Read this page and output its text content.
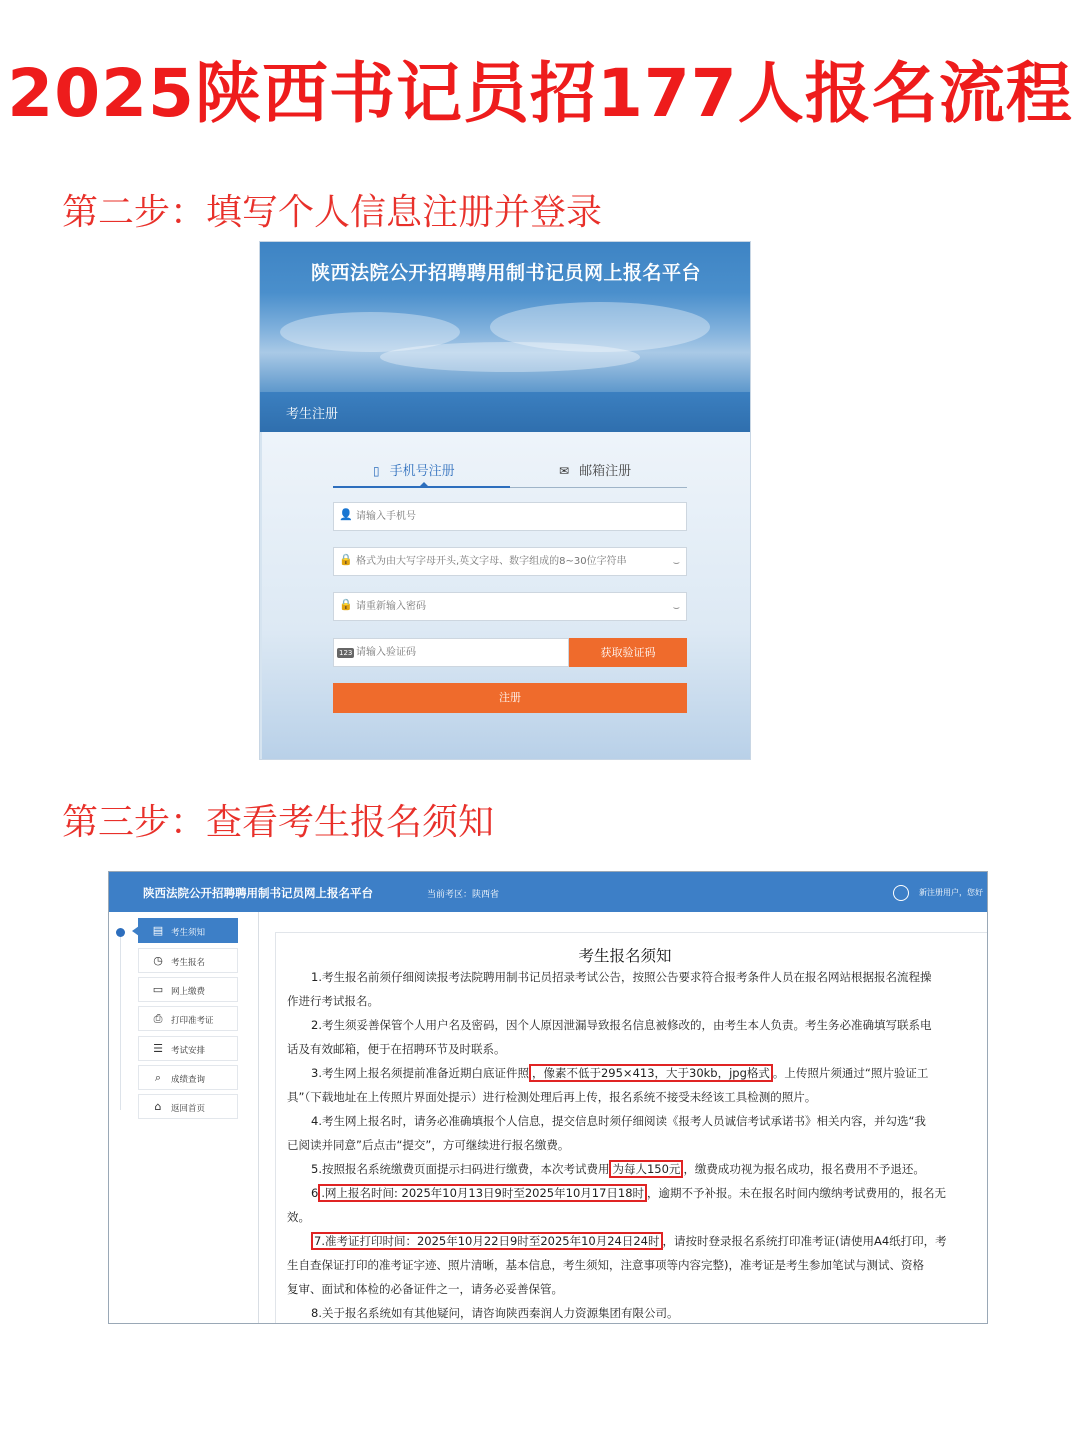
2025陕西书记员招177人报名流程
第二步：填写个人信息注册并登录
陕西法院公开招聘聘用制书记员网上报名平台
考生注册
▯ 手机号注册	✉ 邮箱注册
👤
请输入手机号
🔒	⌣
🔒	⌣
123
请输入验证码	获取验证码
注册
第三步：查看考生报名须知
陕西法院公开招聘聘用制书记员网上报名平台	当前考区：陕西省	新注册用户，您好
▤ 考生须知
◷ 考生报名
▭ 网上缴费
⎙	打印准考证
☰ 考试安排
⌕	成绩查询
⌂	返回首页
考生报名须知
1.考生报名前须仔细阅读报考法院聘用制书记员招录考试公告，按照公告要求符合报考条件人员在报名网站根据报名流程操
作进行考试报名。
2.考生须妥善保管个人用户名及密码，因个人原因泄漏导致报名信息被修改的，由考生本人负责。考生务必准确填写联系电
话及有效邮箱，便于在招聘环节及时联系。
3.考生网上报名须提前准备近期白底证件照 ，像素不低于295×413，大于30kb，jpg格式 。上传照片须通过“照片验证工
具”（下载地址在上传照片界面处提示）进行检测处理后再上传，报名系统不接受未经该工具检测的照片。
4.考生网上报名时，请务必准确填报个人信息，提交信息时须仔细阅读《报考人员诚信考试承诺书》相关内容，并勾选“我
已阅读并同意”后点击“提交”，方可继续进行报名缴费。
5.按照报名系统缴费页面提示扫码进行缴费，本次考试费用 为每人150元 ，缴费成功视为报名成功，报名费用不予退还。
6 .网上报名时间: 2025年10月13日9时至2025年10月17日18时 ，逾期不予补报。未在报名时间内缴纳考试费用的，报名无
效。
7.准考证打印时间：2025年10月22日9时至2025年10月24日24时 ，请按时登录报名系统打印准考证(请使用A4纸打印，考
生自查保证打印的准考证字迹、照片清晰，基本信息，考生须知，注意事项等内容完整)，准考证是考生参加笔试与测试、资格
复审、面试和体检的必备证件之一，请务必妥善保管。
8.关于报名系统如有其他疑问，请咨询陕西秦润人力资源集团有限公司。
